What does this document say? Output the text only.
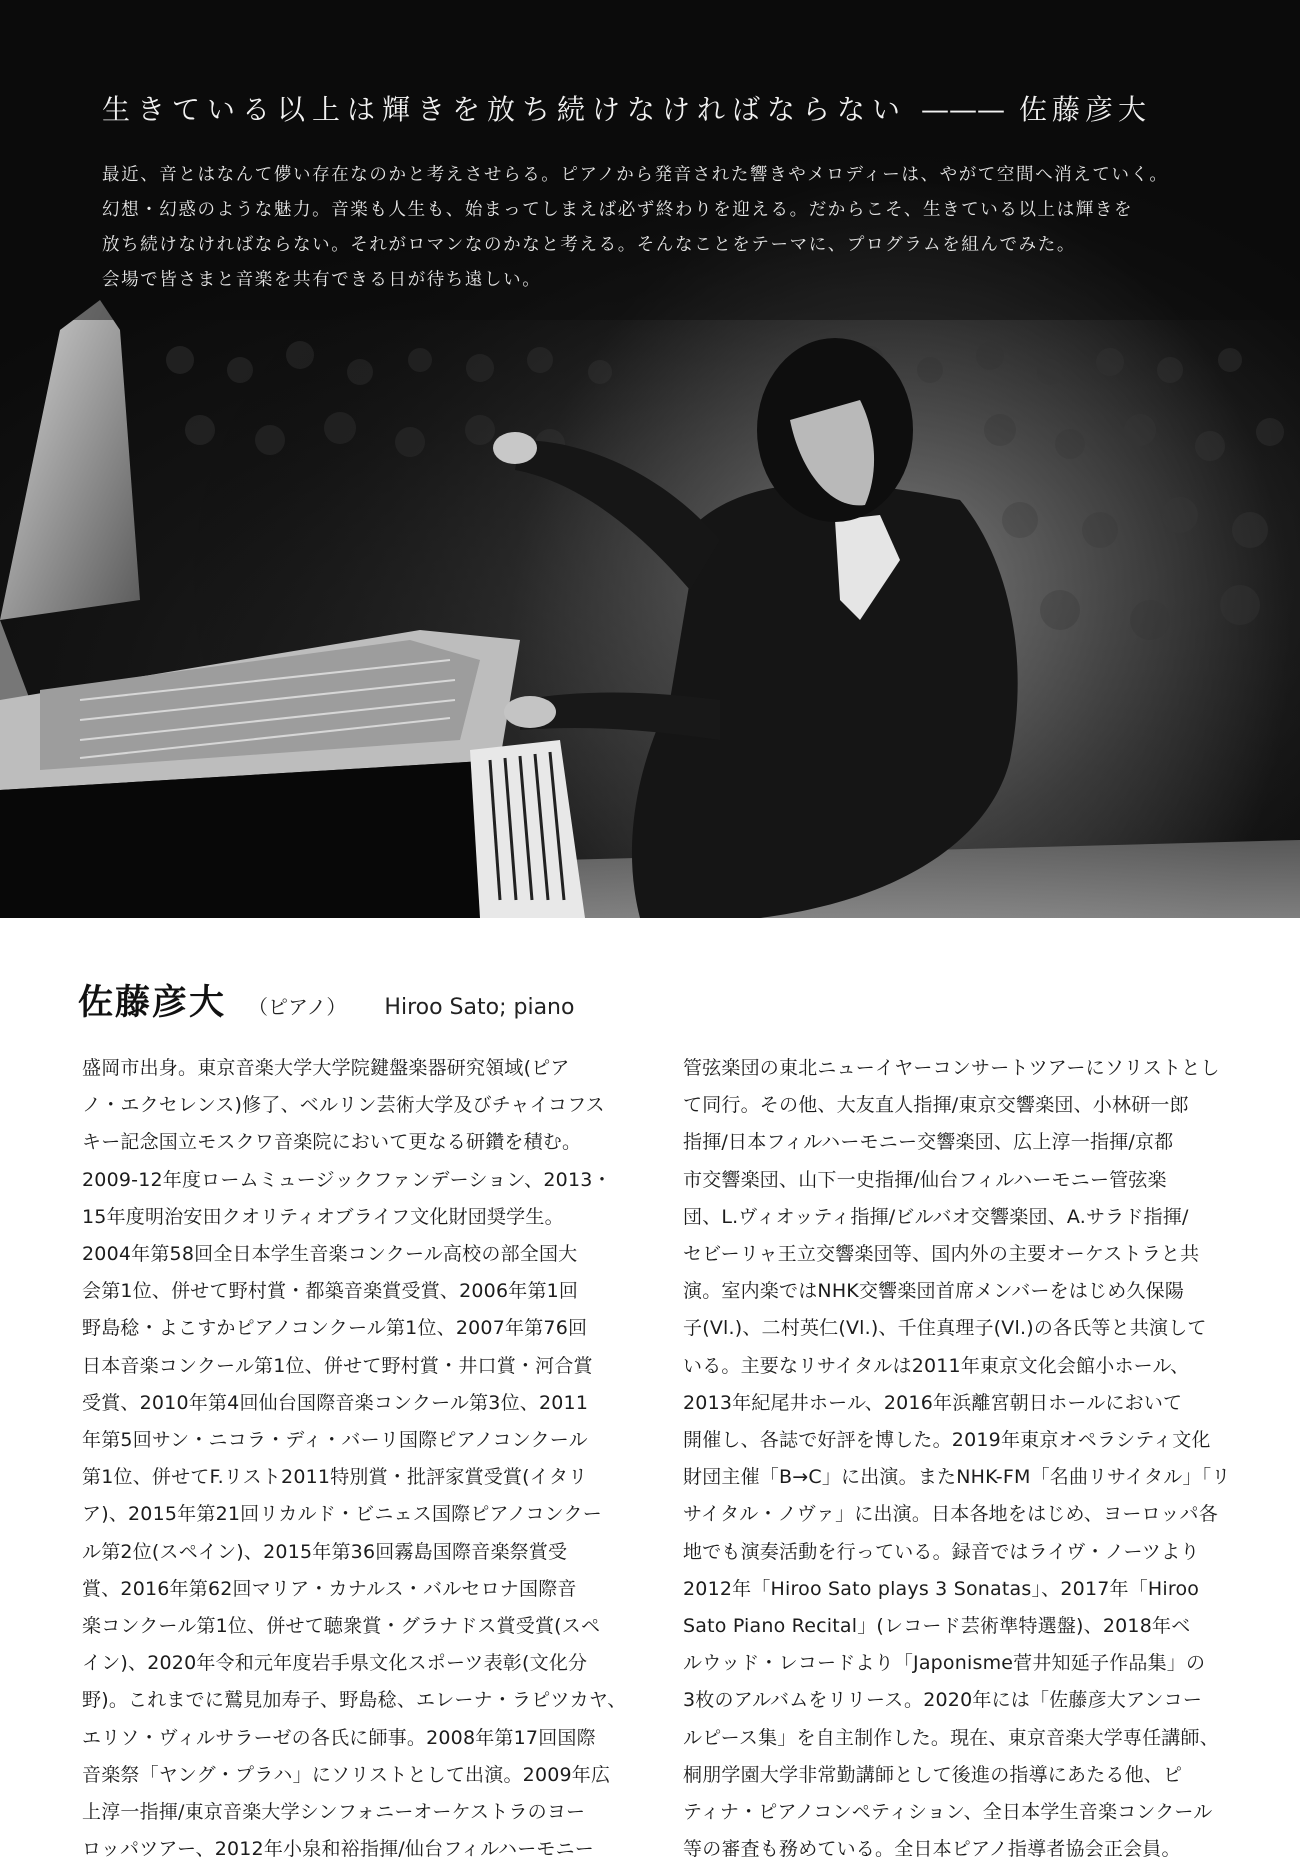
生きている以上は輝きを放ち続けなければならない ——— 佐藤彦大

最近、音とはなんて儚い存在なのかと考えさせらる。ピアノから発音された響きやメロディーは、やがて空間へ消えていく。

幻想・幻惑のような魅力。音楽も人生も、始まってしまえば必ず終わりを迎える。だからこそ、生きている以上は輝きを

放ち続けなければならない。それがロマンなのかなと考える。そんなことをテーマに、プログラムを組んでみた。

会場で皆さまと音楽を共有できる日が待ち遠しい。

佐藤彦大 （ピアノ） Hiroo Sato; piano

盛岡市出身。東京音楽大学大学院鍵盤楽器研究領域(ピア

ノ・エクセレンス)修了、ベルリン芸術大学及びチャイコフス

キー記念国立モスクワ音楽院において更なる研鑽を積む。

2009-12年度ロームミュージックファンデーション、2013・

15年度明治安田クオリティオブライフ文化財団奨学生。

2004年第58回全日本学生音楽コンクール高校の部全国大

会第1位、併せて野村賞・都築音楽賞受賞、2006年第1回

野島稔・よこすかピアノコンクール第1位、2007年第76回

日本音楽コンクール第1位、併せて野村賞・井口賞・河合賞

受賞、2010年第4回仙台国際音楽コンクール第3位、2011

年第5回サン・ニコラ・ディ・バーリ国際ピアノコンクール

第1位、併せてF.リスト2011特別賞・批評家賞受賞(イタリ

ア)、2015年第21回リカルド・ビニェス国際ピアノコンクー

ル第2位(スペイン)、2015年第36回霧島国際音楽祭賞受

賞、2016年第62回マリア・カナルス・バルセロナ国際音

楽コンクール第1位、併せて聴衆賞・グラナドス賞受賞(スペ

イン)、2020年令和元年度岩手県文化スポーツ表彰(文化分

野)。これまでに鷲見加寿子、野島稔、エレーナ・ラピツカヤ、

エリソ・ヴィルサラーゼの各氏に師事。2008年第17回国際

音楽祭「ヤング・プラハ」にソリストとして出演。2009年広

上淳一指揮/東京音楽大学シンフォニーオーケストラのヨー

ロッパツアー、2012年小泉和裕指揮/仙台フィルハーモニー

管弦楽団の東北ニューイヤーコンサートツアーにソリストとし

て同行。その他、大友直人指揮/東京交響楽団、小林研一郎

指揮/日本フィルハーモニー交響楽団、広上淳一指揮/京都

市交響楽団、山下一史指揮/仙台フィルハーモニー管弦楽

団、L.ヴィオッティ指揮/ビルバオ交響楽団、A.サラド指揮/

セビーリャ王立交響楽団等、国内外の主要オーケストラと共

演。室内楽ではNHK交響楽団首席メンバーをはじめ久保陽

子(Vl.)、二村英仁(Vl.)、千住真理子(Vl.)の各氏等と共演して

いる。主要なリサイタルは2011年東京文化会館小ホール、

2013年紀尾井ホール、2016年浜離宮朝日ホールにおいて

開催し、各誌で好評を博した。2019年東京オペラシティ文化

財団主催「B→C」に出演。またNHK-FM「名曲リサイタル」「リ

サイタル・ノヴァ」に出演。日本各地をはじめ、ヨーロッパ各

地でも演奏活動を行っている。録音ではライヴ・ノーツより

2012年「Hiroo Sato plays 3 Sonatas」、2017年「Hiroo

Sato Piano Recital」(レコード芸術準特選盤)、2018年ベ

ルウッド・レコードより「Japonisme菅井知延子作品集」の

3枚のアルバムをリリース。2020年には「佐藤彦大アンコー

ルピース集」を自主制作した。現在、東京音楽大学専任講師、

桐朋学園大学非常勤講師として後進の指導にあたる他、ピ

ティナ・ピアノコンペティション、全日本学生音楽コンクール

等の審査も務めている。全日本ピアノ指導者協会正会員。
